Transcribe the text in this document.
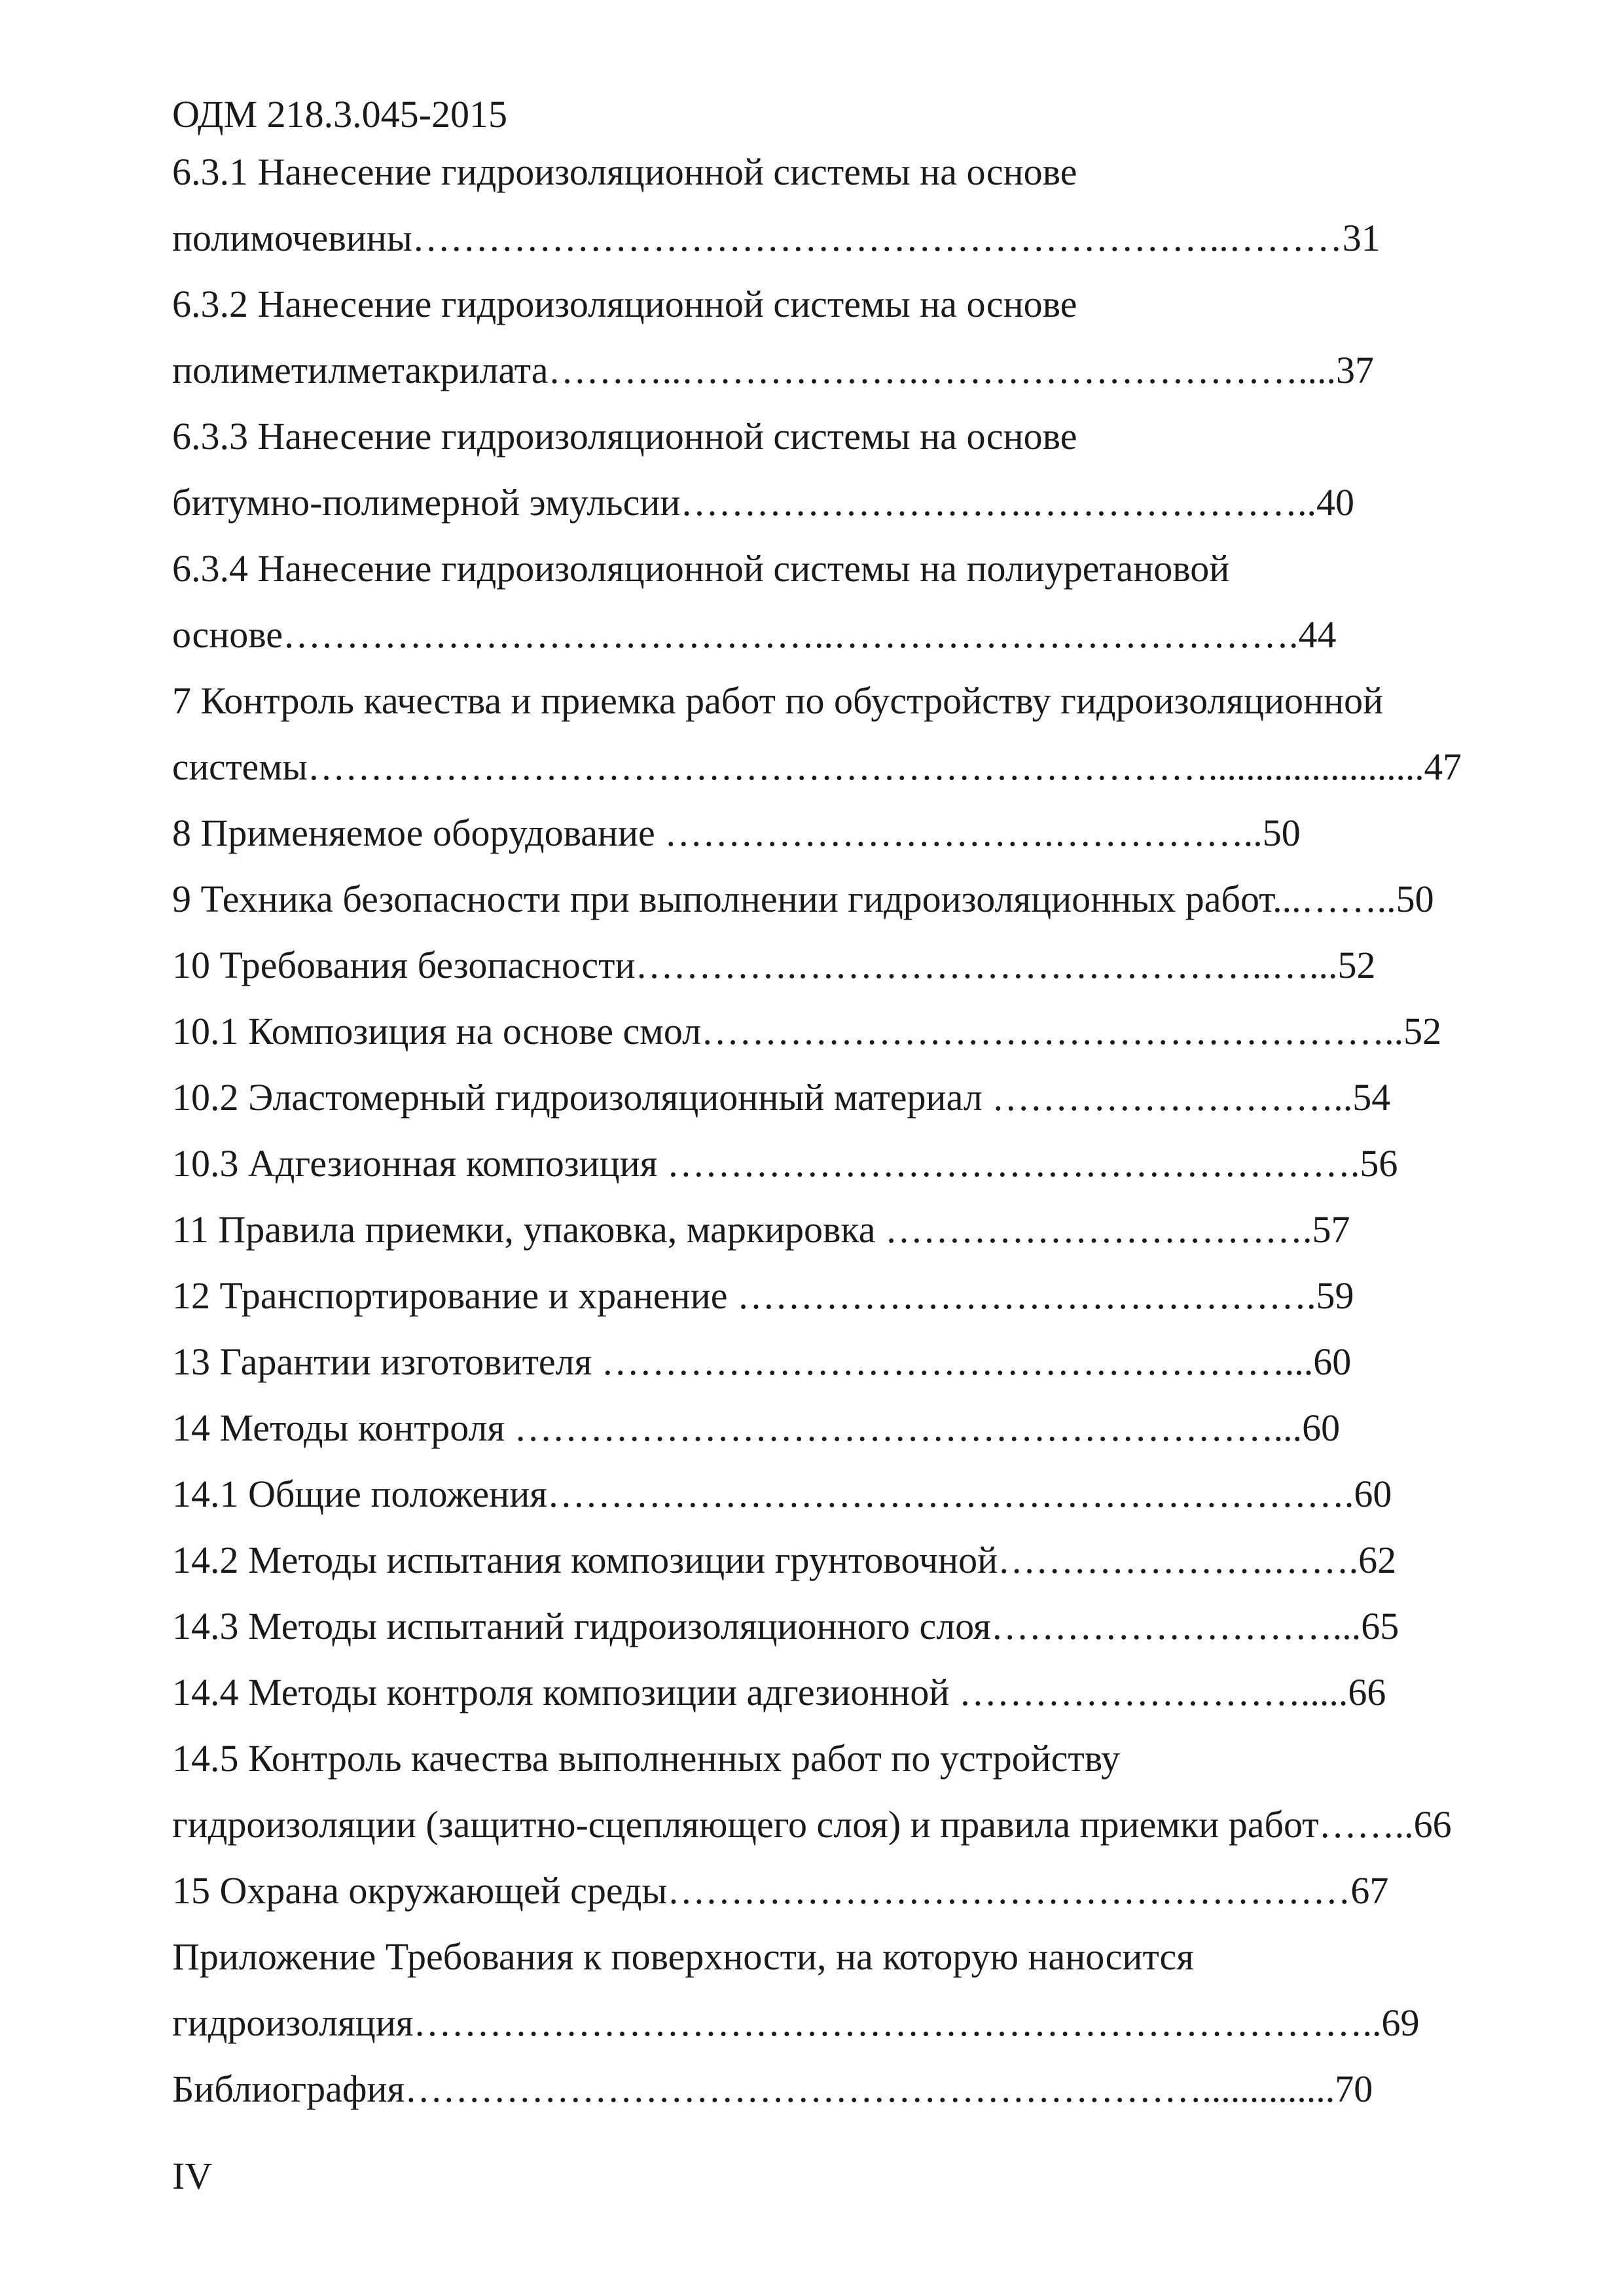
ОДМ 218.3.045-2015
6.3.1 Нанесение гидроизоляционной системы на основе
полимочевины………………………………………………………..………31
6.3.2 Нанесение гидроизоляционной системы на основе
полиметилметакрилата………..……………….…………………………....37
6.3.3 Нанесение гидроизоляционной системы на основе
битумно-полимерной эмульсии……………………….…………………..40
6.3.4 Нанесение гидроизоляционной системы на полиуретановой
основе……………………………………..……………………………….44
7 Контроль качества и приемка работ по обустройству гидроизоляционной
системы……………………………………………………………….......................47
8 Применяемое оборудование ………………………….……………..50
9 Техника безопасности при выполнении гидроизоляционных работ...……..50
10 Требования безопасности………….………………………………..…...52
10.1 Композиция на основе смол………………………………………………..52
10.2 Эластомерный гидроизоляционный материал ………………………..54
10.3 Адгезионная композиция ……………………………………………….56
11 Правила приемки, упаковка, маркировка …………………………….57
12 Транспортирование и хранение ……………………………………….59
13 Гарантии изготовителя ………………………………………………...60
14 Методы контроля ……………………………………………………...60
14.1 Общие положения……………………………………………………….60
14.2 Методы испытания композиции грунтовочной………………….…….62
14.3 Методы испытаний гидроизоляционного слоя………………………...65
14.4 Методы контроля композиции адгезионной ……………………….....66
14.5 Контроль качества выполненных работ по устройству
гидроизоляции (защитно-сцепляющего слоя) и правила приемки работ……..66
15 Охрана окружающей среды………………………………………………67
Приложение Требования к поверхности, на которую наносится
гидроизоляция…………………………………………………………………..69
Библиография………………………………………………………..............70
IV
